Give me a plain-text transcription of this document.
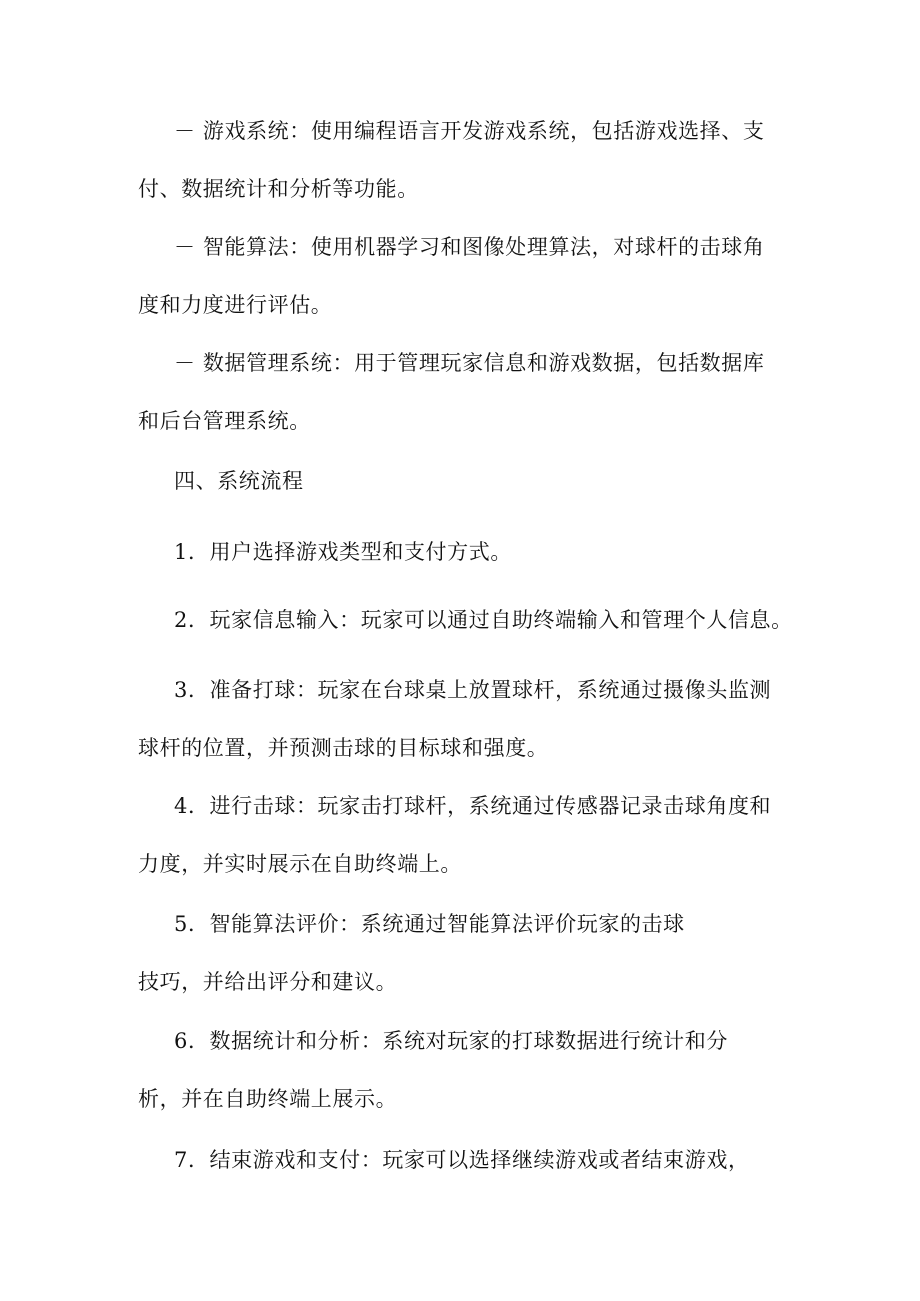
－ 游戏系统：使用编程语言开发游戏系统，包括游戏选择、支
付、数据统计和分析等功能。

－ 智能算法：使用机器学习和图像处理算法，对球杆的击球角
度和力度进行评估。

－ 数据管理系统：用于管理玩家信息和游戏数据，包括数据库
和后台管理系统。

四、系统流程

1．用户选择游戏类型和支付方式。

2．玩家信息输入：玩家可以通过自助终端输入和管理个人信息。

3．准备打球：玩家在台球桌上放置球杆，系统通过摄像头监测
球杆的位置，并预测击球的目标球和强度。

4．进行击球：玩家击打球杆，系统通过传感器记录击球角度和
力度，并实时展示在自助终端上。

5．智能算法评价：系统通过智能算法评价玩家的击球
技巧，并给出评分和建议。

6．数据统计和分析：系统对玩家的打球数据进行统计和分
析，并在自助终端上展示。

7．结束游戏和支付：玩家可以选择继续游戏或者结束游戏，
